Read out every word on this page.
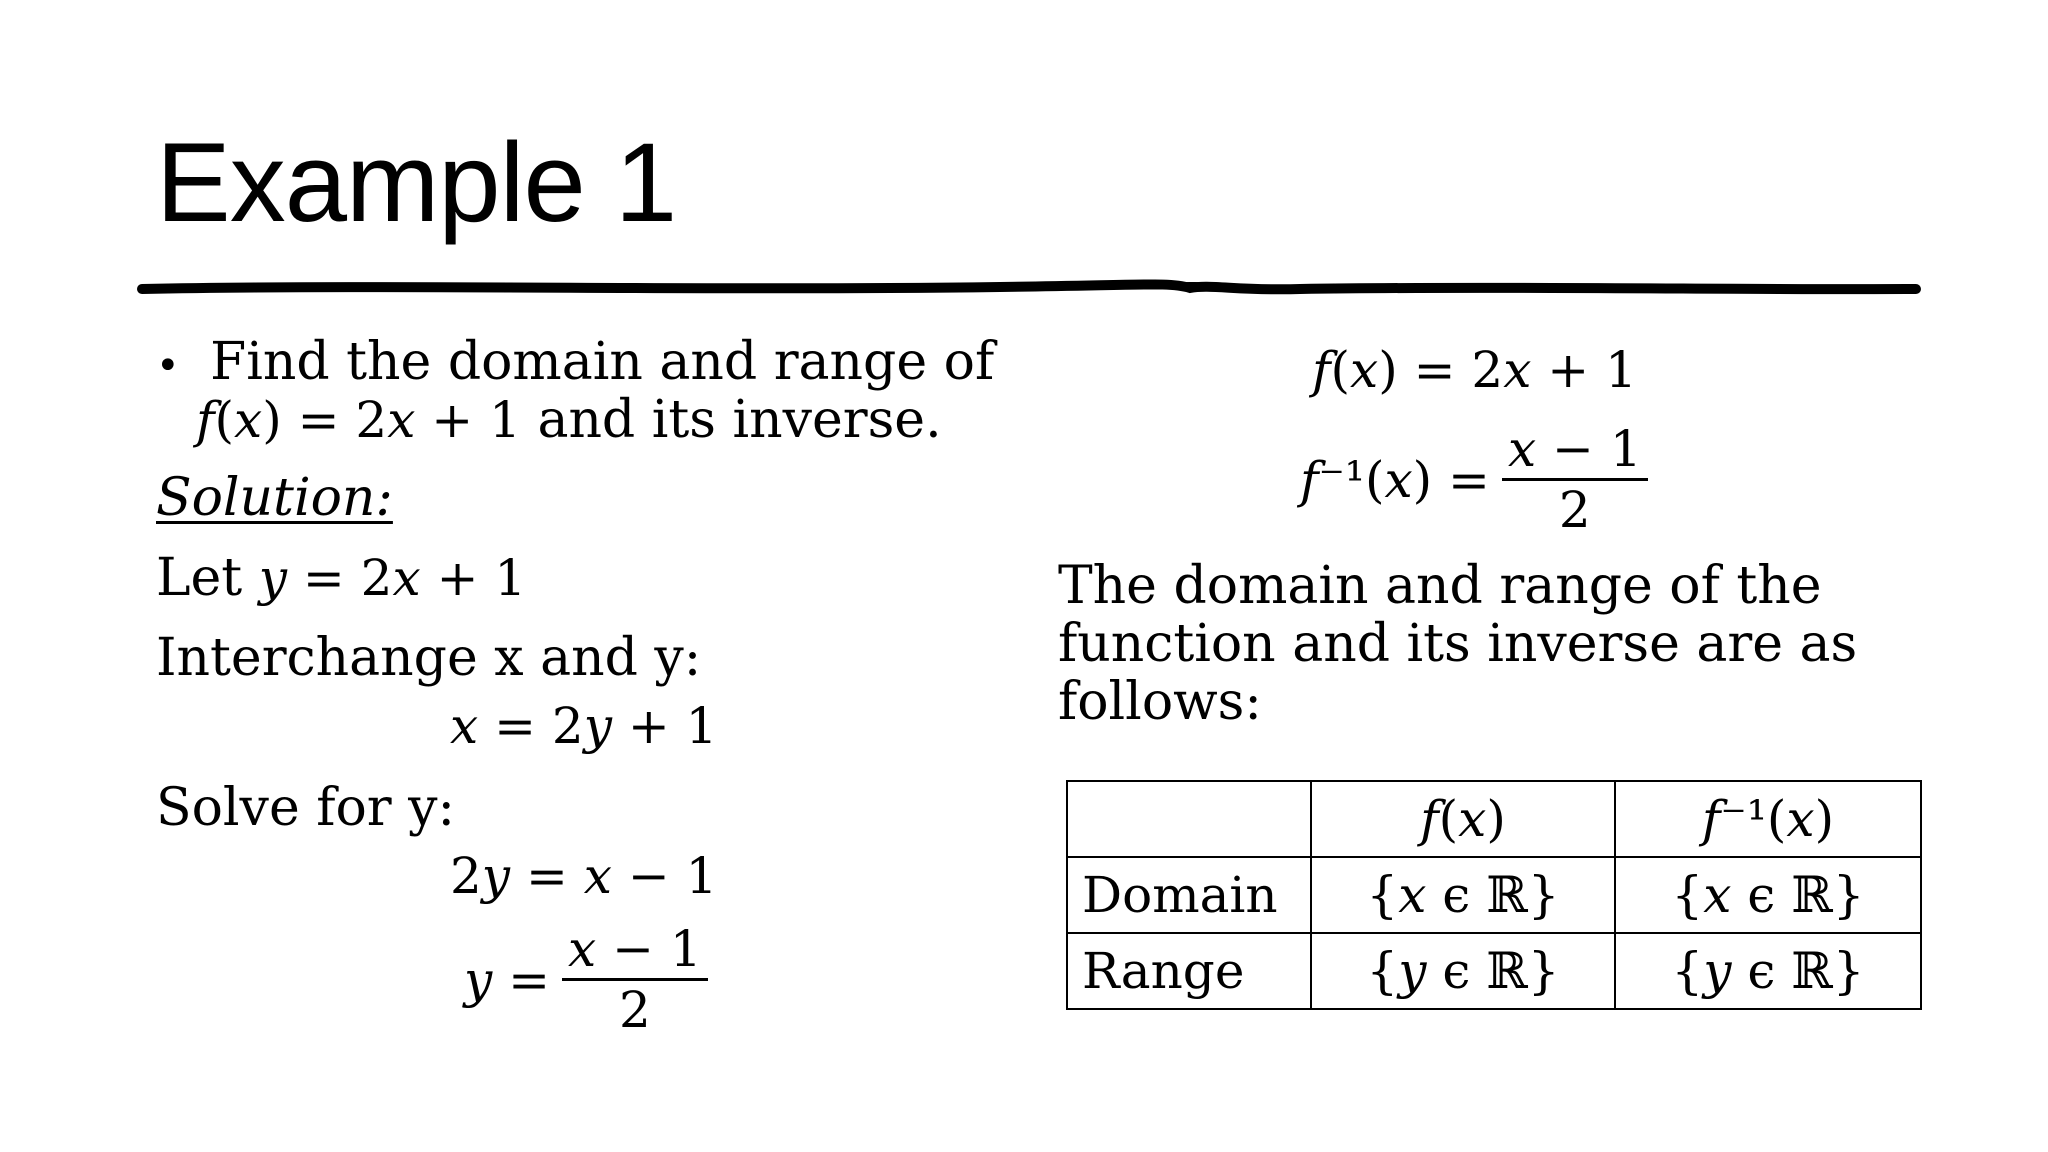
Example 1
• Find the domain and range of
𝑓(𝑥) = 2𝑥 + 1 and its inverse.
Solution:
Let 𝑦 = 2𝑥 + 1
Interchange x and y:
𝑥 = 2𝑦 + 1
Solve for y:
2𝑦 = 𝑥 − 1
𝑦 = $\frac{\text{𝑥 − 1}}{2}$
𝑓(𝑥) = 2𝑥 + 1
𝑓⁻¹(𝑥) = $\frac{\text{𝑥 − 1}}{2}$
The domain and range of the
function and its inverse are as
follows:
	𝑓(𝑥)	𝑓⁻¹(𝑥)
Domain	{𝑥 ϵ ℝ}	{𝑥 ϵ ℝ}
Range	{𝑦 ϵ ℝ}	{𝑦 ϵ ℝ}
